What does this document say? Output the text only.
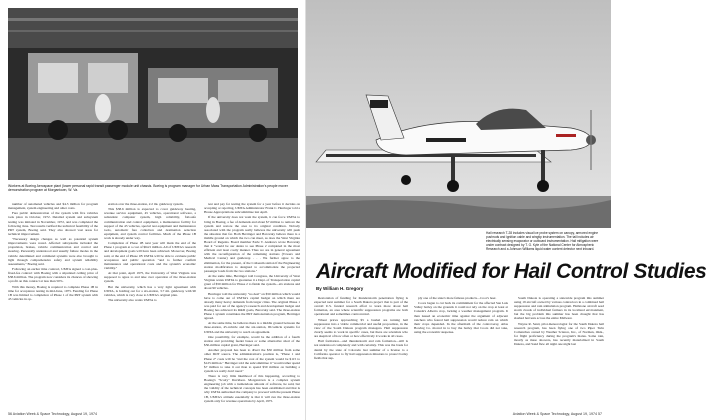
Workers at Boeing Aerospace plant (lower personal rapid transit passenger module unit chassis. Boeing is program manager for Urban Mass Transportation Administration's people mover demonstration program at Morgantown, W. Va.

number of automated vehicles and $4.3 million for program management, system engineering and other costs.

Fare public demonstration of the system with five vehicles took place in October, 1972. Detailed system and subsystem testing was initiated in November, 1972, and was completed the following June. Test results verified the technical feasibility of the PRT system, Boeing said. They also showed vast areas for technical improvement.

"Necessary design changes as well as potential system improvements were noted. Affected subsystems included the propulsion, brakes, vehicle communication and control and steering. Personally understood and usually failure modes in the vehicle determined and command systems were also brought to light through comprehensive safety and system reliability assessments," Boeing said.

Following an earlier time contract, UMTA signed a cost-plus-fixed-fee contract with Boeing with a stipulated ceiling price of $38.6 million. The program now considers its chances of showing a profit on this contract at less than 50%.

With this money, Boeing is required to complete Phase 1B in time for acceptance testing in mid-June, 1975. Funding for Phase 1B was limited to completion of Phase 1 of the PRT system with 45 vehicles in op-

eration over the three-station, 2.2 mi. guideway system.

This $38.6 million is expected to cover guideway heating, revenue service equipment, 45 vehicles, operational software, a redundant computer system, high reliability, fail-safe communication and control equipment, a maintenance facility for support of the 45 vehicles, special test equipment and maintenance tools, automatic fare collection and destination selection equipment, and system control facilities. Much of the Phase 1B work is already under way.

Completion of Phase 1B next year will mark the end of the Phase 1 program at a cost of $64.5 million. All of UMTA's research and development goals will have been achieved. Moreover, Boeing said, at the end of Phase 1B UMTA will be able to evaluate public acceptance and public operation "and to further confirm maintenance and operational costs and the system's economic viability."

At that point, April 1975, the University of West Virginia was supposed to agree to and take over operation of the three-station system.

But the university, which has a very tight agreement with UMTA, is holding out for a six-station, 3.7 mi. guideway with 90 vehicles, which is very close to UMTA's original plan.

The university also wants UMTA to

56 Aviation Week & Space Technology, August 19, 1974

test and pay for testing the system for a year before it decides on accepting or rejecting, UMTA Administrator Frank C. Herringer told a House Appropriations subcommittee last April.

If the university does not want the system, it can force UMTA to bring in Boeing, a fee of demands and about $7 million to remove the system and restore the area to its original condition. Nobody associated with the program really believes the university will push the situation that far. Both Herringer and Barovsky believe there is a middle ground on which the two can meet, as does the West Virginia Board of Regents. Board member Earle T. Andrews wrote Barovsky that it "would be our desire to see Phase 2 completed in the most efficient and least costly manner. Thus we are in general agreement with the reconfiguration of the remaining stations (Towers and Medical Center) and guideway. . . . We further agree to the elimination, for the present, of the Coliseum station if the Engineering station modification is designed to accommodate the projected passenger loads from the two stations."

At the same time, Herringer told Congress, the University of West Virginia wants UMTA to guarantee it a Dept. of Transportation capital grant of $50 million for Phase 2 to finish the system—six stations and about 90 vehicles.

Herringer told the university "no deal" on $50 million which would have to come out of UMTA's capital budget on which there are already many heavy demands from larger cities. The original Phase 1 was paid for out of the agency's research and development budget and Boeing has achieved its R&D goals, Barovsky said. The three-station Phase 1 system constitutes the PRT demonstration program, Herringer agreed.

At the same time, he believes there is a middle ground between the three-station, 45-vehicle and the six-station, 90-vehicle systems for UMTA and the university to reach an agreement.

One possibility, for example, would be the addition of a fourth station and providing feeder buses or some alternative short of the $50-million capital grant, Herringer said.

Another proposal has been to divert the $50 million from some other DOT source. The administration's position is, "Phase 1 and Phase 2" costs will be "and the cost of the system would be $115 to $125 million." Herringer told the subcommittee it "would rather spend $7 million to take it out than to spend $50 million on building a system we really don't need."

There is very little likelihood of this happening, according to Boeing's "Scotty" Davidson. Morgantown is a complex system engineering job with a tremendous amount of software, he said, but the validity of the technical concepts has been established and that is why UMTA authorized the company to proceed with the present Phase 1B, UMTA's attitude essentially is that it will run the three-station system only for revenue operations by April, 1975.

Hail research T-28 includes visual ice probe system on canopy, armored engine pushrods and ignition cable and wingtip instrumentation. The tail includes air electrically sensing evaporator or outboard instrumentation. Hail mitigation were under contract designed by T. G. Kyle of the National Center for Atmospheric Research and a Johnson Williams liquid water content detector next inboard.
Aircraft Modified for Hail Control Studies
By William H. Gregory

Restoration of funding for thunderstorm penetration flying is expected next summer for a South Dakota project that is part of the overall U.S. funded research effort to learn more about hail formation, an area where scientific suppression programs are both operational and sometimes controversial.

Wheat prices approaching $5 a bushel are turning hail suppression into a viable commercial and useful proposition, in the view of the South Dakota program managers. Hail suppression clearly seems to work in specific cases, but there are scientists who are skeptical of how often or how effectively it works in all cases.

Hail formation—and thunderstorm and rain formation—still is not understood completely and with certainty. This was the basis for denial by the state of Colorado last summer of a license to a California operator to fly hail suppression missions to protect barley fields that sup-

ply one of the state's more famous products—Coor's beer.

Coors began to cut back its commitment for the affected San Luis Valley barley on the grounds it could not rely on the crop at least at Canada's Alberta crop, lacking a weather management program. It then issued an economic time against the argument of adjacent ranchers who feared hail suppression would reduce rain on which their crops depended. In the aftermath of the controversy, Atlas Bowing Co. moved in to buy the barley that Coors did not take, using the economic suspense.

South Dakota is operating a statewide program this summer using 19 aircraft owned by various contractors in a combined hail suppression and rain stimulation program. Hailstone aircraft seed storm clouds of individual farmers in its localized environment, but the big problem this summer has been drought that has slashed harvests across the entire Midwest.

Wayne R. Sand, pilot-meteorologist for the South Dakota hail research program, has been flying one of two Piper Twin Comanches owned by Weather Science, Inc., of Norman, Okla., for flight proficiency during the program's hiatus. Some rain, mostly as meso showers, has recently materialized in South Dakota, and Sand flew all night one night last

Aviation Week & Space Technology, August 19, 1974 57
